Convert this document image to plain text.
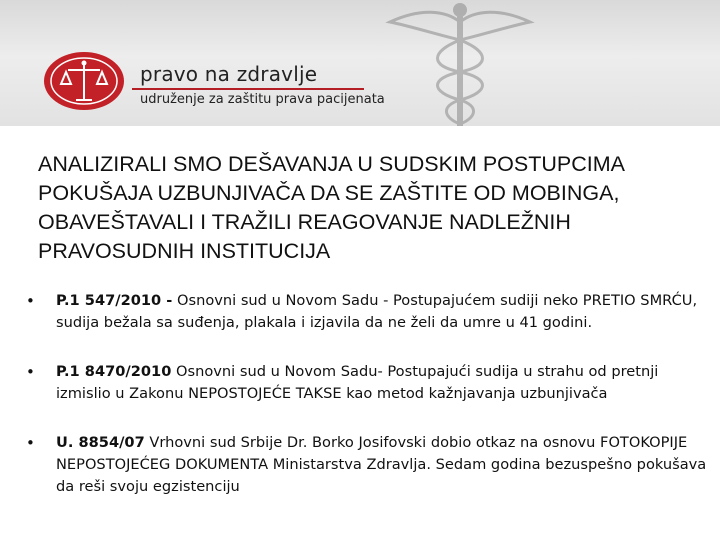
pravo na zdravlje
udruženje za zaštitu prava pacijenata
ANALIZIRALI SMO DEŠAVANJA U SUDSKIM POSTUPCIMA POKUŠAJA UZBUNJIVAČA DA SE ZAŠTITE OD MOBINGA, OBAVEŠTAVALI I TRAŽILI REAGOVANJE NADLEŽNIH PRAVOSUDNIH INSTITUCIJA
• P.1 547/2010 - Osnovni sud u Novom Sadu - Postupajućem sudiji neko PRETIO SMRĆU, sudija bežala sa suđenja, plakala i izjavila da ne želi da umre u 41 godini.
• P.1 8470/2010 Osnovni sud u Novom Sadu- Postupajući sudija u strahu od pretnji izmislio u Zakonu NEPOSTOJEĆE TAKSE kao metod kažnjavanja uzbunjivača
• U. 8854/07 Vrhovni sud Srbije Dr. Borko Josifovski dobio otkaz na osnovu FOTOKOPIJE NEPOSTOJEĆEG DOKUMENTA Ministarstva Zdravlja. Sedam godina bezuspešno pokušava da reši svoju egzistenciju
